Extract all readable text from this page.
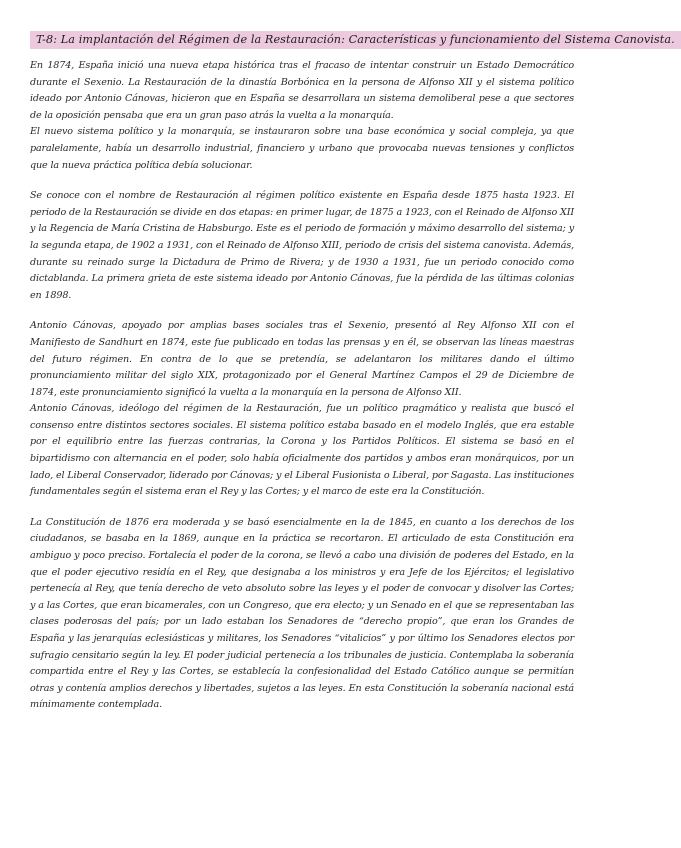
T-8: La implantación del Régimen de la Restauración: Características y funcionamiento del Sistema Canovista.

En 1874, España inició una nueva etapa histórica tras el fracaso de intentar construir un Estado Democrático durante el Sexenio. La Restauración de la dinastía Borbónica en la persona de Alfonso XII y el sistema político ideado por Antonio Cánovas, hicieron que en España se desarrollara un sistema demoliberal pese a que sectores de la oposición pensaba que era un gran paso atrás la vuelta a la monarquía.

El nuevo sistema político y la monarquía, se instauraron sobre una base económica y social compleja, ya que paralelamente, había un desarrollo industrial, financiero y urbano que provocaba nuevas tensiones y conflictos que la nueva práctica política debía solucionar.

Se conoce con el nombre de Restauración al régimen político existente en España desde 1875 hasta 1923. El periodo de la Restauración se divide en dos etapas: en primer lugar, de 1875 a 1923, con el Reinado de Alfonso XII y la Regencia de María Cristina de Habsburgo. Este es el periodo de formación y máximo desarrollo del sistema; y la segunda etapa, de 1902 a 1931, con el Reinado de Alfonso XIII, periodo de crisis del sistema canovista. Además, durante su reinado surge la Dictadura de Primo de Rivera; y de 1930 a 1931, fue un periodo conocido como dictablanda. La primera grieta de este sistema ideado por Antonio Cánovas, fue la pérdida de las últimas colonias en 1898.

Antonio Cánovas, apoyado por amplias bases sociales tras el Sexenio, presentó al Rey Alfonso XII con el Manifiesto de Sandhurt en 1874, este fue publicado en todas las prensas y en él, se observan las líneas maestras del futuro régimen. En contra de lo que se pretendía, se adelantaron los militares dando el último pronunciamiento militar del siglo XIX, protagonizado por el General Martínez Campos el 29 de Diciembre de 1874, este pronunciamiento significó la vuelta a la monarquía en la persona de Alfonso XII.

Antonio Cánovas, ideólogo del régimen de la Restauración, fue un político pragmático y realista que buscó el consenso entre distintos sectores sociales. El sistema político estaba basado en el modelo Inglés, que era estable por el equilibrio entre las fuerzas contrarias, la Corona y los Partidos Políticos. El sistema se basó en el bipartidismo con alternancia en el poder, solo había oficialmente dos partidos y ambos eran monárquicos, por un lado, el Liberal Conservador, liderado por Cánovas; y el Liberal Fusionista o Liberal, por Sagasta. Las instituciones fundamentales según el sistema eran el Rey y las Cortes; y el marco de este era la Constitución.

La Constitución de 1876 era moderada y se basó esencialmente en la de 1845, en cuanto a los derechos de los ciudadanos, se basaba en la 1869, aunque en la práctica se recortaron. El articulado de esta Constitución era ambiguo y poco preciso. Fortalecía el poder de la corona, se llevó a cabo una división de poderes del Estado, en la que el poder ejecutivo residía en el Rey, que designaba a los ministros y era Jefe de los Ejércitos; el legislativo pertenecía al Rey, que tenía derecho de veto absoluto sobre las leyes y el poder de convocar y disolver las Cortes; y a las Cortes, que eran bicamerales, con un Congreso, que era electo; y un Senado en el que se representaban las clases poderosas del país; por un lado estaban los Senadores de “derecho propio”, que eran los Grandes de España y las jerarquías eclesiásticas y militares, los Senadores “vitalicios” y por último los Senadores electos por sufragio censitario según la ley. El poder judicial pertenecía a los tribunales de justicia. Contemplaba la soberanía compartida entre el Rey y las Cortes, se establecía la confesionalidad del Estado Católico aunque se permitían otras y contenía amplios derechos y libertades, sujetos a las leyes. En esta Constitución la soberanía nacional está mínimamente contemplada.
